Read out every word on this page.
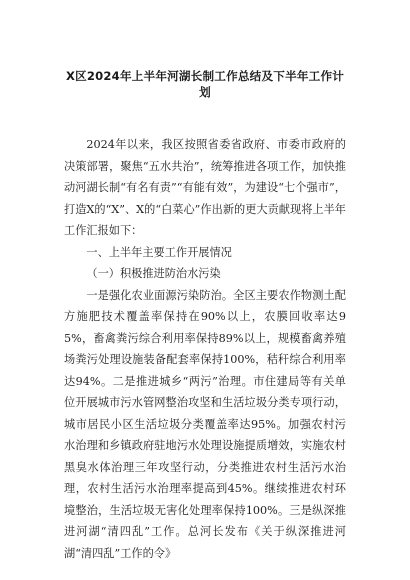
X区2024年上半年河湖长制工作总结及下半年工作计划

2024年以来，我区按照省委省政府、市委市政府的决策部署，聚焦“五水共治”，统筹推进各项工作，加快推动河湖长制“有名有责”“有能有效”，为建设“七个强市”，打造X的“X”、X的“白菜心”作出新的更大贡献现将上半年工作汇报如下：

一、上半年主要工作开展情况

（一）积极推进防治水污染

一是强化农业面源污染防治。全区主要农作物测土配方施肥技术覆盖率保持在90%以上，农膜回收率达95%，畜禽粪污综合利用率保持89%以上，规模畜禽养殖场粪污处理设施装备配套率保持100%，秸秆综合利用率达94%。二是推进城乡“两污”治理。市住建局等有关单位开展城市污水管网整治攻坚和生活垃圾分类专项行动，城市居民小区生活垃圾分类覆盖率达95%。加强农村污水治理和乡镇政府驻地污水处理设施提质增效，实施农村黑臭水体治理三年攻坚行动，分类推进农村生活污水治理，农村生活污水治理率提高到45%。继续推进农村环境整治，生活垃圾无害化处理率保持100%。三是纵深推进河湖“清四乱”工作。总河长发布《关于纵深推进河湖“清四乱”工作的令》
